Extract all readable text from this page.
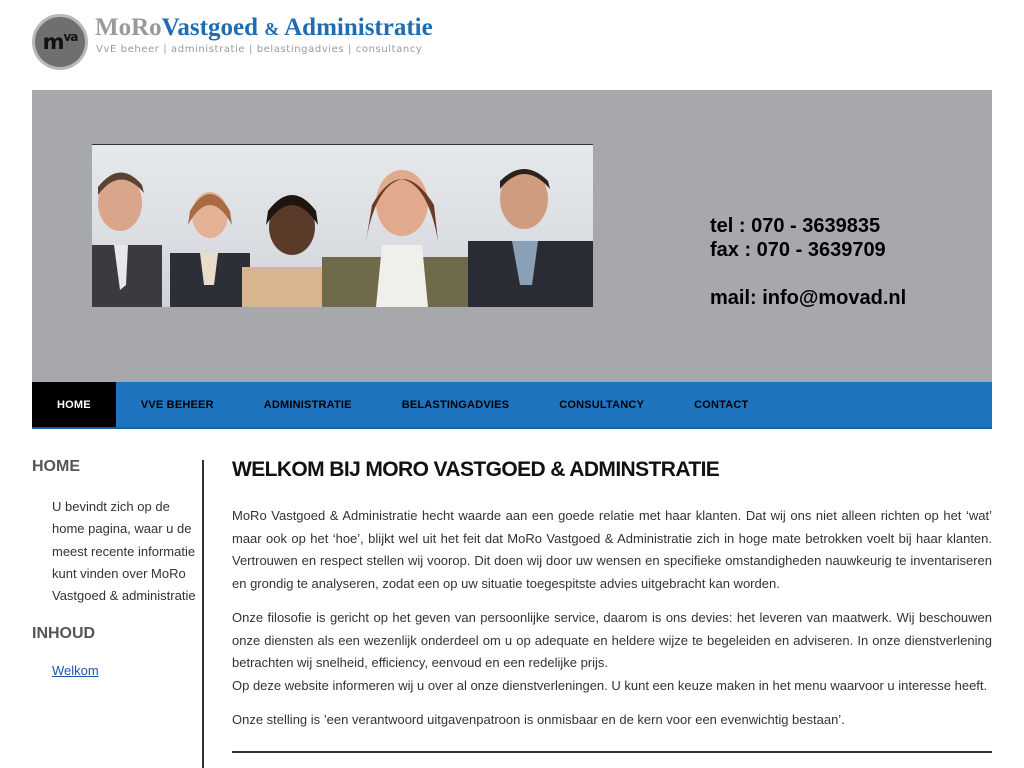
$m^{va}$ MoRoVastgoed & Administratie
VvE beheer | administratie | belastingadvies | consultancy
tel : 070 - 3639835
fax : 070 - 3639709
mail: info@movad.nl
HOME	VVE BEHEER	ADMINISTRATIE	BELASTINGADVIES	CONSULTANCY	CONTACT
HOME

U bevindt zich op de home pagina, waar u de meest recente informatie kunt vinden over MoRo Vastgoed & administratie

INHOUD
Welkom
WELKOM BIJ MORO VASTGOED & ADMINSTRATIE

MoRo Vastgoed & Administratie hecht waarde aan een goede relatie met haar klanten. Dat wij ons niet alleen richten op het ‘wat’ maar ook op het ‘hoe’, blijkt wel uit het feit dat MoRo Vastgoed & Administratie zich in hoge mate betrokken voelt bij haar klanten. Vertrouwen en respect stellen wij voorop. Dit doen wij door uw wensen en specifieke omstandigheden nauwkeurig te inventariseren en grondig te analyseren, zodat een op uw situatie toegespitste advies uitgebracht kan worden.

Onze filosofie is gericht op het geven van persoonlijke service, daarom is ons devies: het leveren van maatwerk. Wij beschouwen onze diensten als een wezenlijk onderdeel om u op adequate en heldere wijze te begeleiden en adviseren. In onze dienstverlening betrachten wij snelheid, efficiency, eenvoud en een redelijke prijs.

Op deze website informeren wij u over al onze dienstverleningen. U kunt een keuze maken in het menu waarvoor u interesse heeft.

Onze stelling is ’een verantwoord uitgavenpatroon is onmisbaar en de kern voor een evenwichtig bestaan’.
